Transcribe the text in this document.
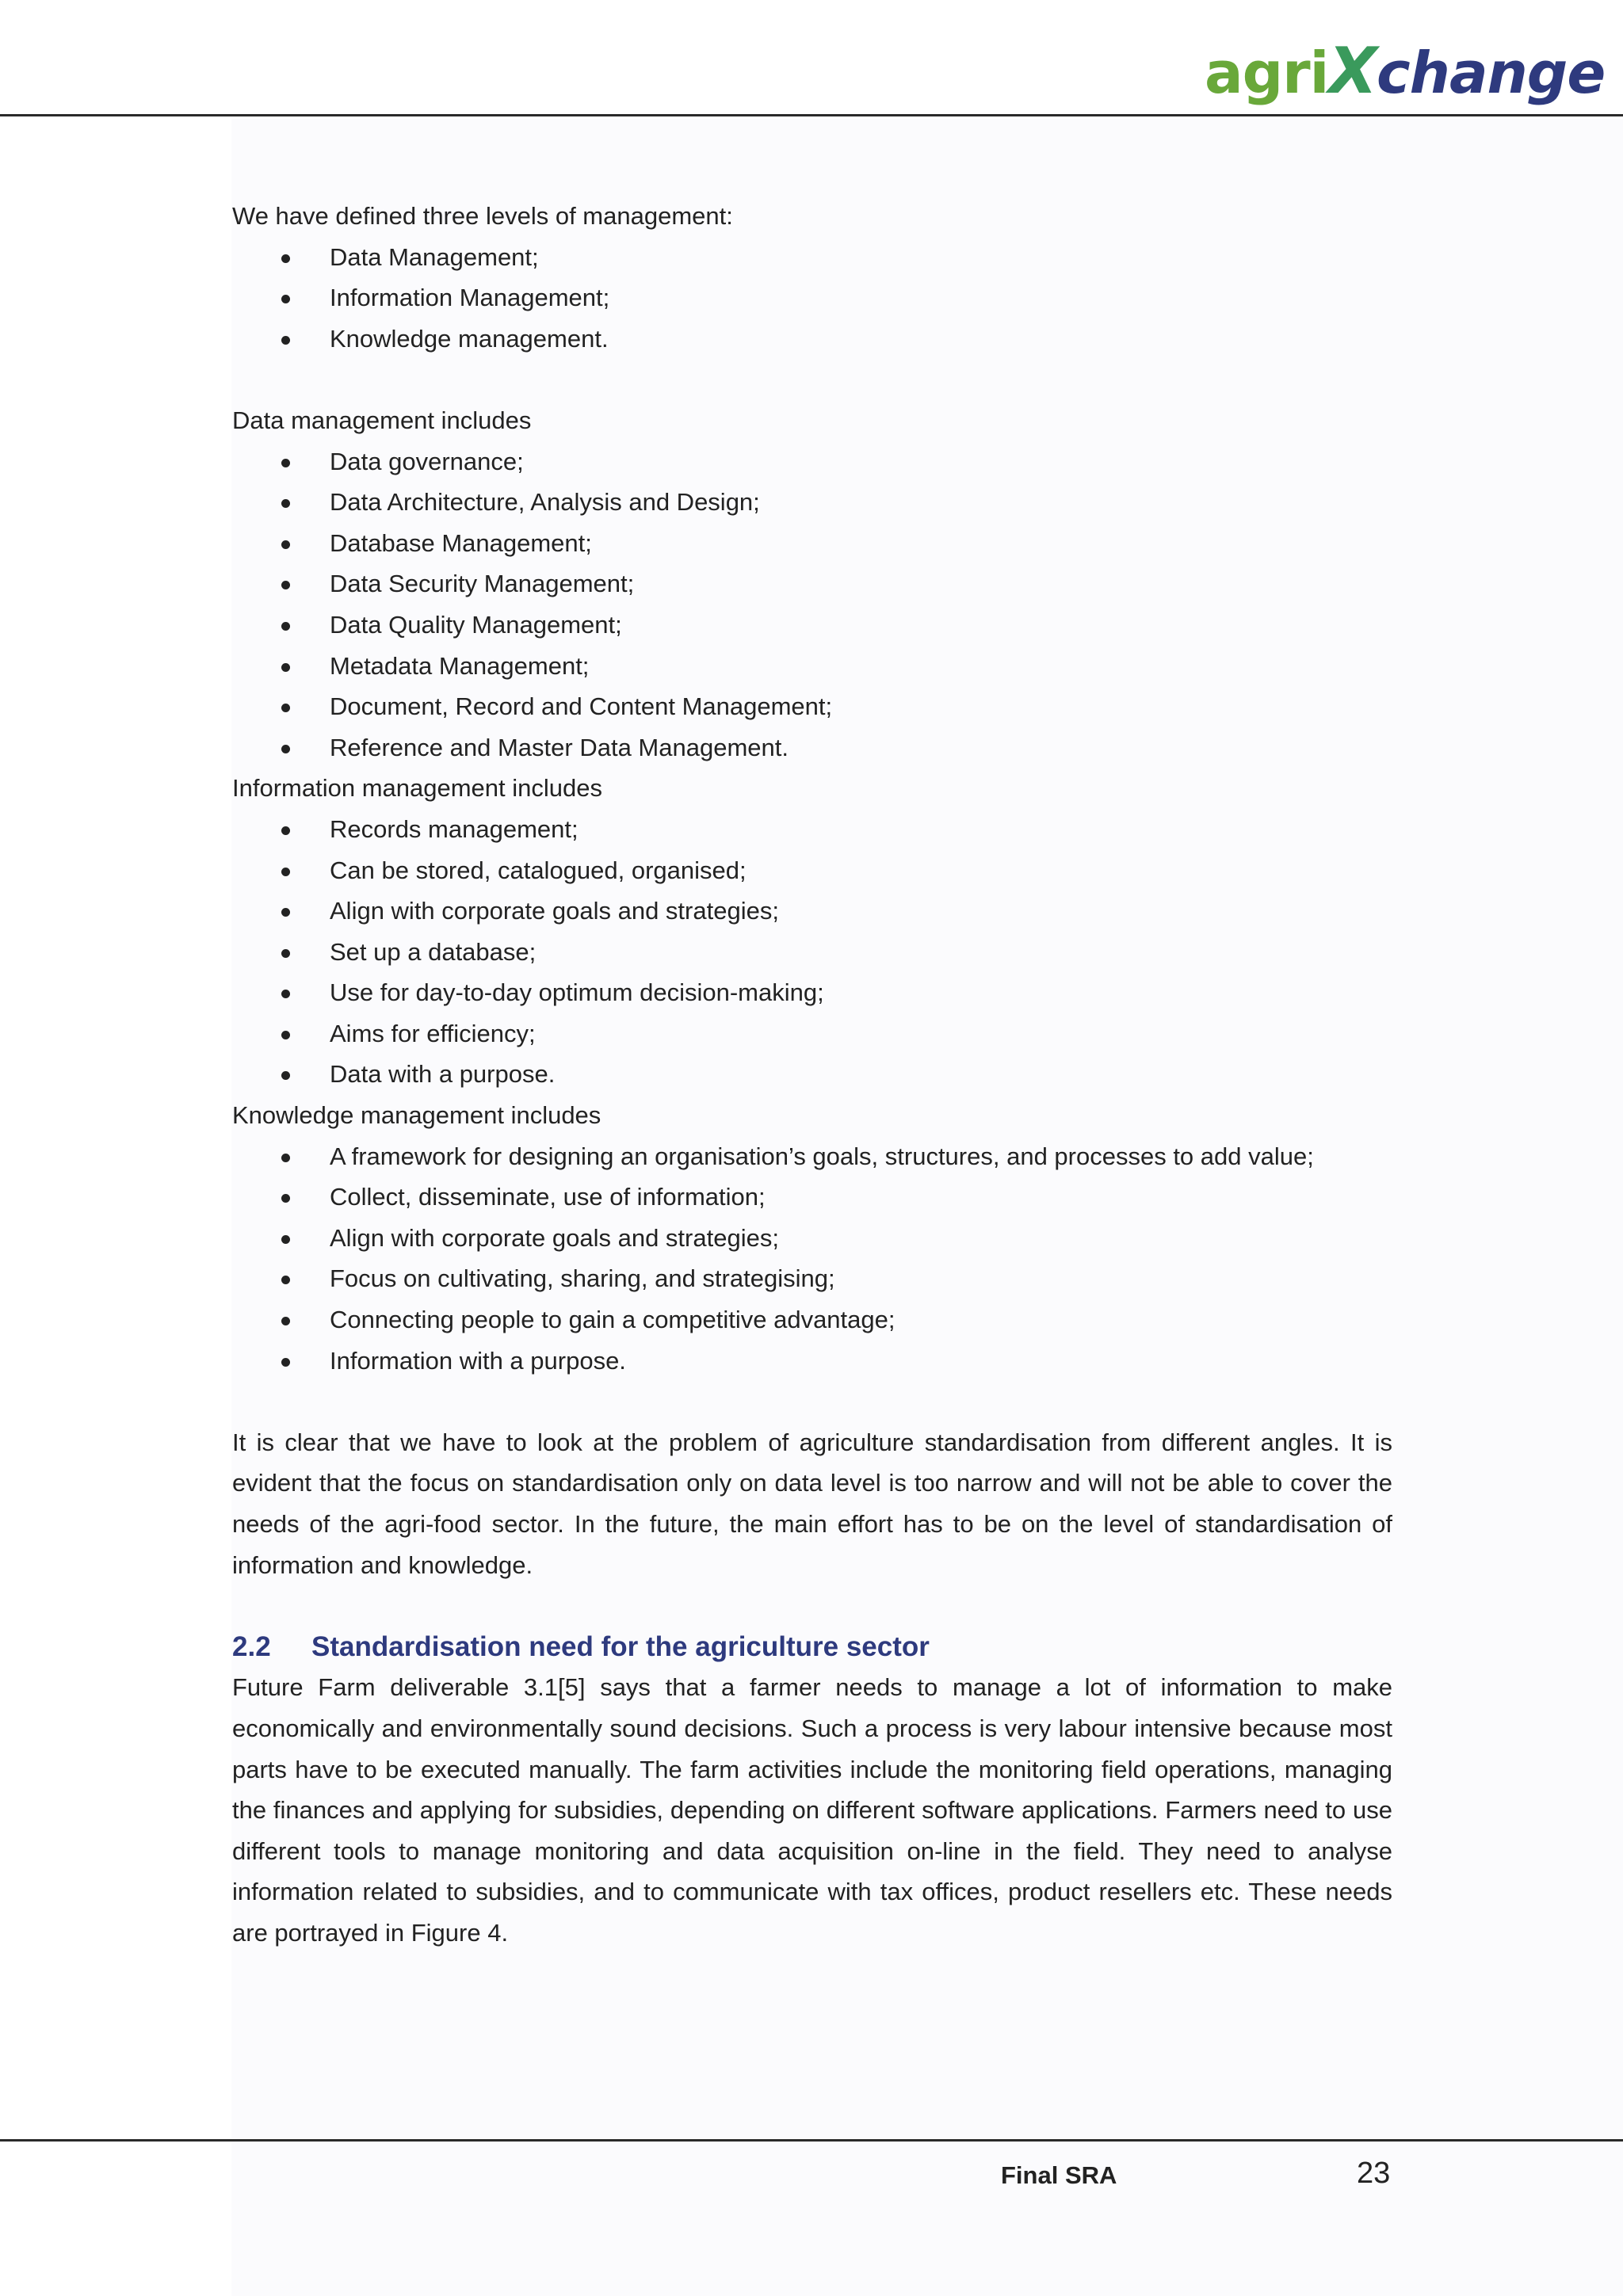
agriXchange

We have defined three levels of management:

Data Management;
Information Management;
Knowledge management.

Data management includes

Data governance;
Data Architecture, Analysis and Design;
Database Management;
Data Security Management;
Data Quality Management;
Metadata Management;
Document, Record and Content Management;
Reference and Master Data Management.

Information management includes

Records management;
Can be stored, catalogued, organised;
Align with corporate goals and strategies;
Set up a database;
Use for day-to-day optimum decision-making;
Aims for efficiency;
Data with a purpose.

Knowledge management includes

A framework for designing an organisation’s goals, structures, and processes to add value;
Collect, disseminate, use of information;
Align with corporate goals and strategies;
Focus on cultivating, sharing, and strategising;
Connecting people to gain a competitive advantage;
Information with a purpose.

It is clear that we have to look at the problem of agriculture standardisation from different angles. It is evident that the focus on standardisation only on data level is too narrow and will not be able to cover the needs of the agri-food sector. In the future, the main effort has to be on the level of standardisation of information and knowledge.

2.2 Standardisation need for the agriculture sector

Future Farm deliverable 3.1[5] says that a farmer needs to manage a lot of information to make economically and environmentally sound decisions. Such a process is very labour intensive because most parts have to be executed manually. The farm activities include the monitoring field operations, managing the finances and applying for subsidies, depending on different software applications. Farmers need to use different tools to manage monitoring and data acquisition on-line in the field. They need to analyse information related to subsidies, and to communicate with tax offices, product resellers etc. These needs are portrayed in Figure 4.

Final SRA	23
